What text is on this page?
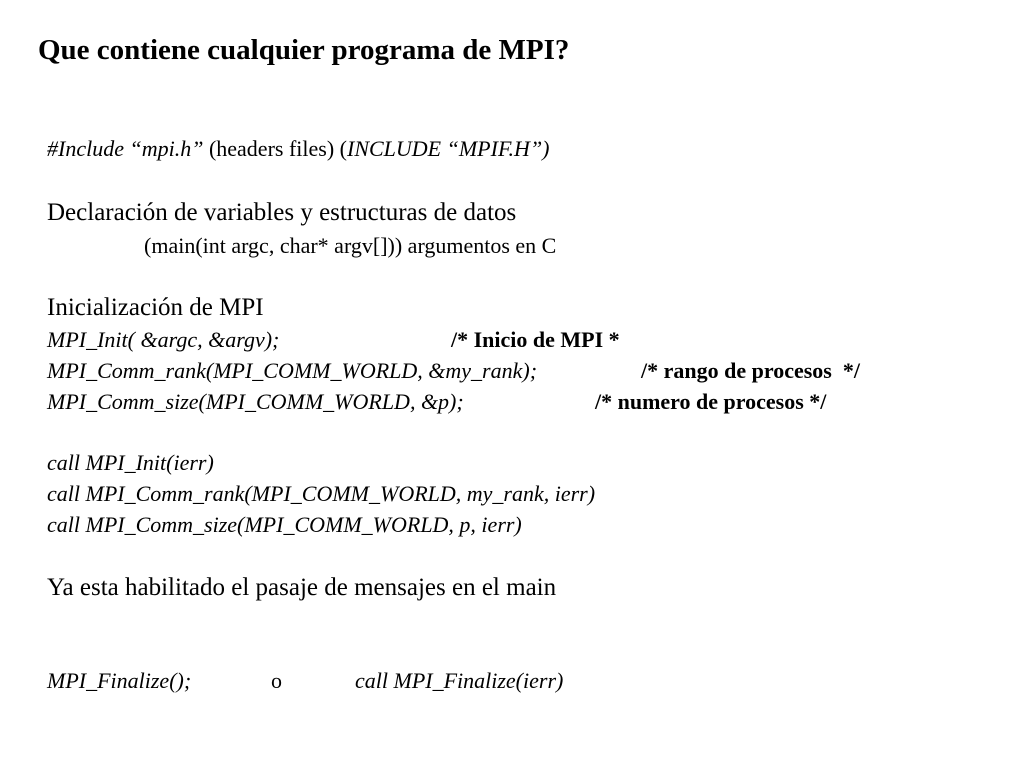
Que contiene cualquier programa de MPI?
#Include “mpi.h” (headers files) (INCLUDE “MPIF.H”)
Declaración de variables y estructuras de datos
(main(int argc, char* argv[])) argumentos en C
Inicialización de MPI

MPI_Init( &argc, &argv);

	/* Inicio de MPI *

MPI_Comm_rank(MPI_COMM_WORLD, &my_rank);

	/* rango de procesos  */

MPI_Comm_size(MPI_COMM_WORLD, &p);

	/* numero de procesos */

call MPI_Init(ierr)
call MPI_Comm_rank(MPI_COMM_WORLD, my_rank, ierr)
call MPI_Comm_size(MPI_COMM_WORLD, p, ierr)
Ya esta habilitado el pasaje de mensajes en el main

MPI_Finalize();

	o

	call MPI_Finalize(ierr)
